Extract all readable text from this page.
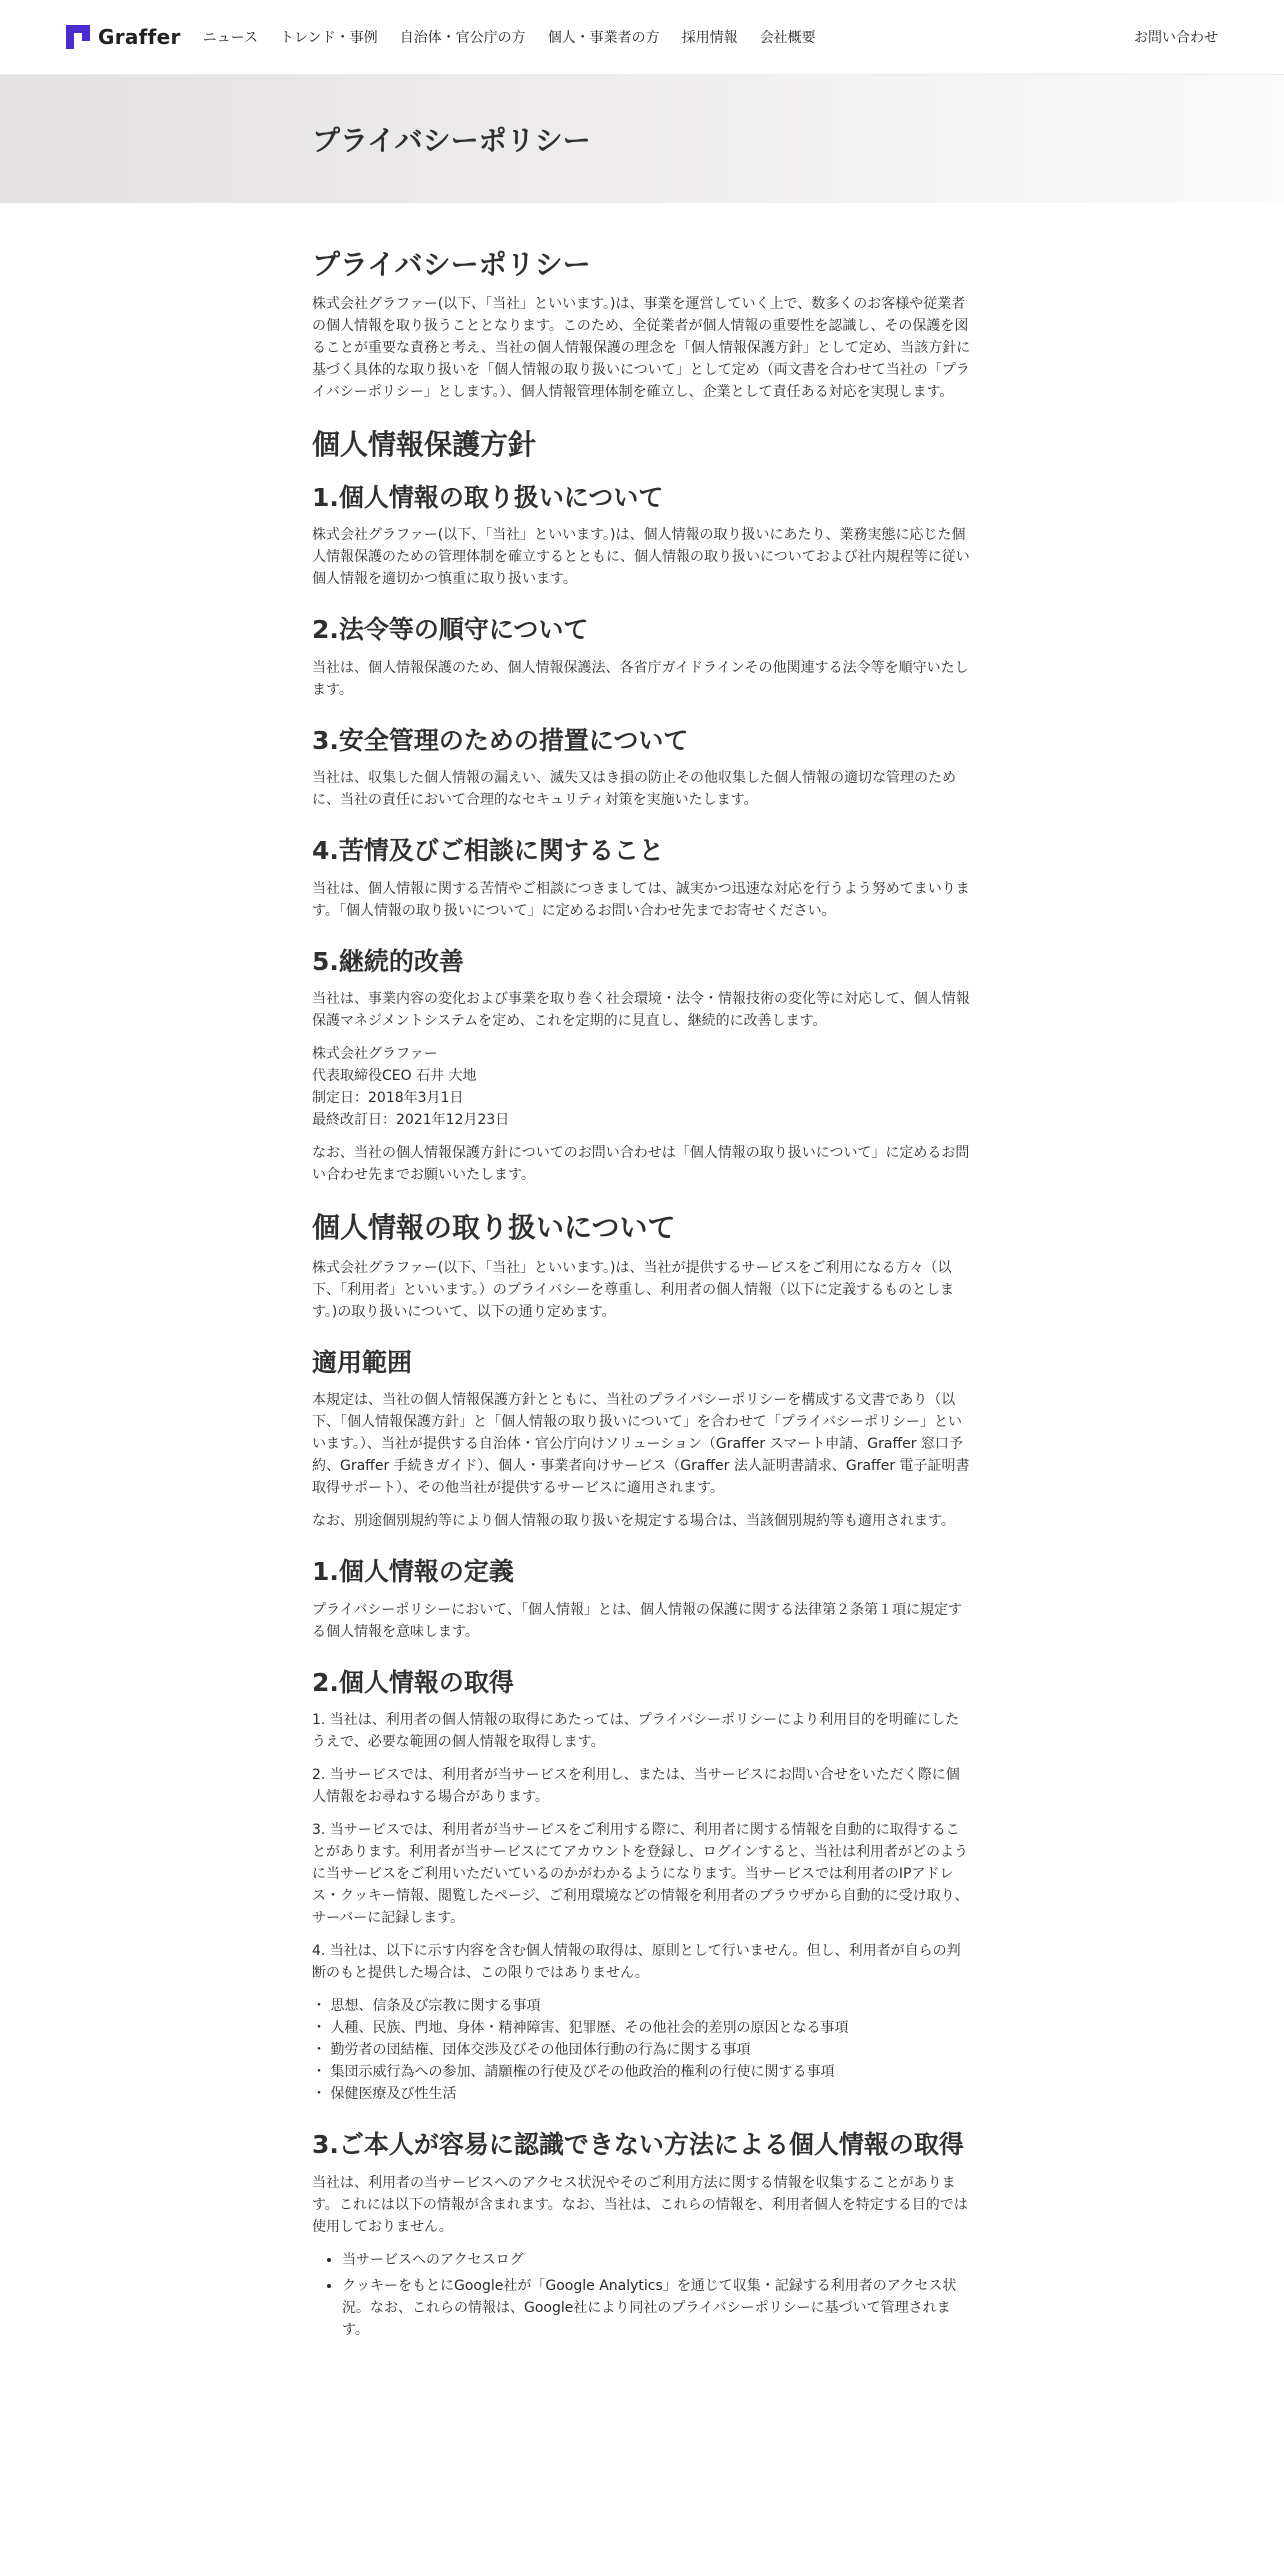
Graffer ニュース トレンド・事例 自治体・官公庁の方 個人・事業者の方 採用情報 会社概要	お問い合わせ
プライバシーポリシー
プライバシーポリシー

株式会社グラファー(以下、「当社」といいます。)は、事業を運営していく上で、数多くのお客様や従業者の個人情報を取り扱うこととなります。このため、全従業者が個人情報の重要性を認識し、その保護を図ることが重要な責務と考え、当社の個人情報保護の理念を「個人情報保護方針」として定め、当該方針に基づく具体的な取り扱いを「個人情報の取り扱いについて」として定め（両文書を合わせて当社の「プライバシーポリシー」とします。）、個人情報管理体制を確立し、企業として責任ある対応を実現します。

個人情報保護方針
1.個人情報の取り扱いについて

株式会社グラファー(以下、「当社」といいます。)は、個人情報の取り扱いにあたり、業務実態に応じた個人情報保護のための管理体制を確立するとともに、個人情報の取り扱いについておよび社内規程等に従い個人情報を適切かつ慎重に取り扱います。

2.法令等の順守について

当社は、個人情報保護のため、個人情報保護法、各省庁ガイドラインその他関連する法令等を順守いたします。

3.安全管理のための措置について

当社は、収集した個人情報の漏えい、滅失又はき損の防止その他収集した個人情報の適切な管理のために、当社の責任において合理的なセキュリティ対策を実施いたします。

4.苦情及びご相談に関すること

当社は、個人情報に関する苦情やご相談につきましては、誠実かつ迅速な対応を行うよう努めてまいります。「個人情報の取り扱いについて」に定めるお問い合わせ先までお寄せください。

5.継続的改善

当社は、事業内容の変化および事業を取り巻く社会環境・法令・情報技術の変化等に対応して、個人情報保護マネジメントシステムを定め、これを定期的に見直し、継続的に改善します。

株式会社グラファー
代表取締役CEO 石井 大地
制定日：2018年3月1日
最終改訂日：2021年12月23日

なお、当社の個人情報保護方針についてのお問い合わせは「個人情報の取り扱いについて」に定めるお問い合わせ先までお願いいたします。

個人情報の取り扱いについて

株式会社グラファー(以下、「当社」といいます。)は、当社が提供するサービスをご利用になる方々（以下、「利用者」といいます。）のプライバシーを尊重し、利用者の個人情報（以下に定義するものとします。)の取り扱いについて、以下の通り定めます。

適用範囲

本規定は、当社の個人情報保護方針とともに、当社のプライバシーポリシーを構成する文書であり（以下、「個人情報保護方針」と「個人情報の取り扱いについて」を合わせて「プライバシーポリシー」といいます。）、当社が提供する自治体・官公庁向けソリューション（Graffer スマート申請、Graffer 窓口予約、Graffer 手続きガイド）、個人・事業者向けサービス（Graffer 法人証明書請求、Graffer 電子証明書取得サポート）、その他当社が提供するサービスに適用されます。

なお、別途個別規約等により個人情報の取り扱いを規定する場合は、当該個別規約等も適用されます。

1.個人情報の定義

プライバシーポリシーにおいて、「個人情報」とは、個人情報の保護に関する法律第２条第１項に規定する個人情報を意味します。

2.個人情報の取得

1. 当社は、利用者の個人情報の取得にあたっては、プライバシーポリシーにより利用目的を明確にしたうえで、必要な範囲の個人情報を取得します。

2. 当サービスでは、利用者が当サービスを利用し、または、当サービスにお問い合せをいただく際に個人情報をお尋ねする場合があります。

3. 当サービスでは、利用者が当サービスをご利用する際に、利用者に関する情報を自動的に取得することがあります。利用者が当サービスにてアカウントを登録し、ログインすると、当社は利用者がどのように当サービスをご利用いただいているのかがわかるようになります。当サービスでは利用者のIPアドレス・クッキー情報、閲覧したページ、ご利用環境などの情報を利用者のブラウザから自動的に受け取り、サーバーに記録します。

4. 当社は、以下に示す内容を含む個人情報の取得は、原則として行いません。但し、利用者が自らの判断のもと提供した場合は、この限りではありません。

・ 思想、信条及び宗教に関する事項
・ 人種、民族、門地、身体・精神障害、犯罪歴、その他社会的差別の原因となる事項
・ 勤労者の団結権、団体交渉及びその他団体行動の行為に関する事項
・ 集団示威行為への参加、請願権の行使及びその他政治的権利の行使に関する事項
・ 保健医療及び性生活
3.ご本人が容易に認識できない方法による個人情報の取得

当社は、利用者の当サービスへのアクセス状況やそのご利用方法に関する情報を収集することがあります。これには以下の情報が含まれます。なお、当社は、これらの情報を、利用者個人を特定する目的では使用しておりません。

• 当サービスへのアクセスログ
• クッキーをもとにGoogle社が「Google Analytics」を通じて収集・記録する利用者のアクセス状況。なお、これらの情報は、Google社により同社のプライバシーポリシーに基づいて管理されます。
